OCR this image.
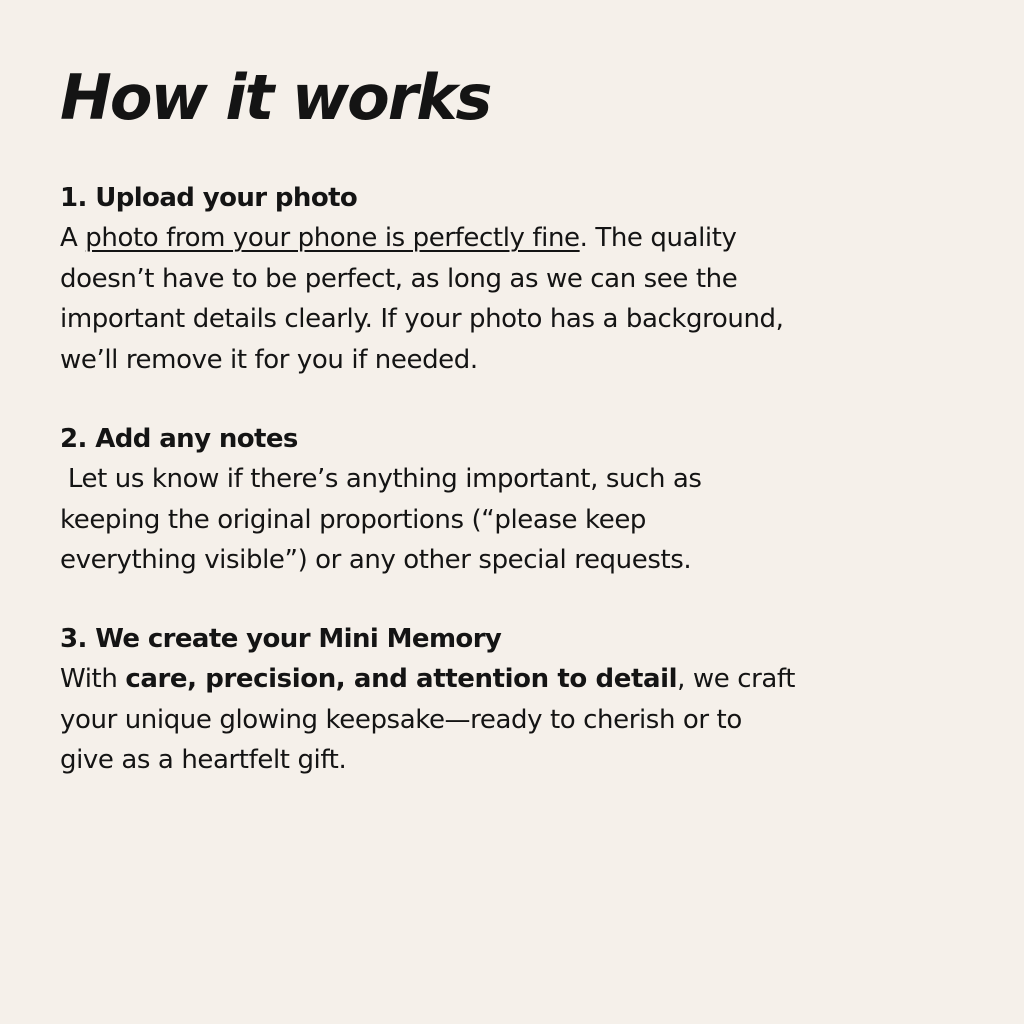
How it works
1. Upload your photo

A photo from your phone is perfectly fine. The quality
doesn’t have to be perfect, as long as we can see the
important details clearly. If your photo has a background,
we’ll remove it for you if needed.

2. Add any notes

Let us know if there’s anything important, such as
keeping the original proportions (“please keep
everything visible”) or any other special requests.

3. We create your Mini Memory

With care, precision, and attention to detail, we craft
your unique glowing keepsake—ready to cherish or to
give as a heartfelt gift.
